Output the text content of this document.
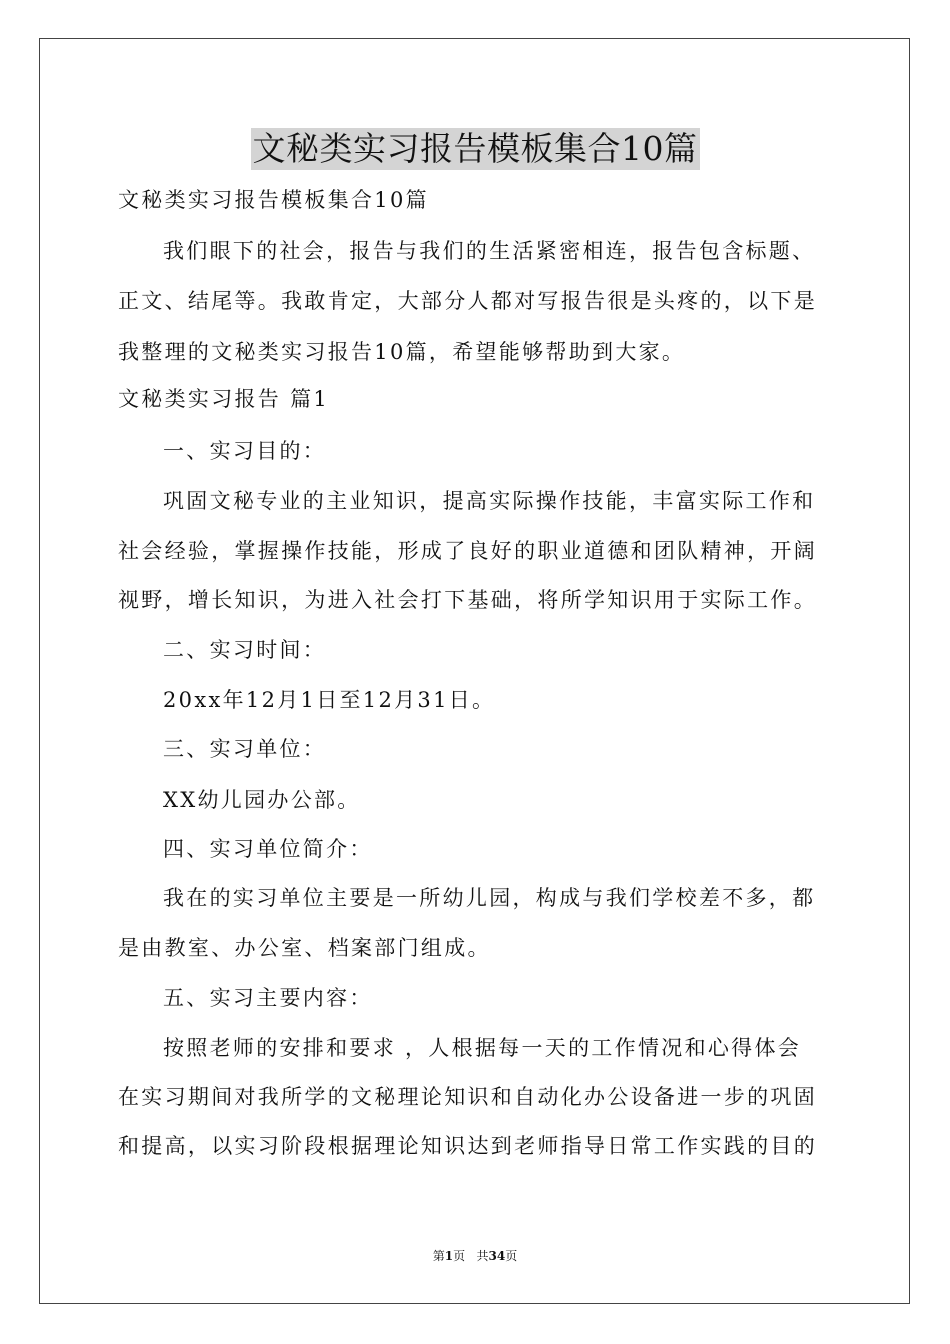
文秘类实习报告模板集合10篇
文秘类实习报告模板集合10篇
我们眼下的社会，报告与我们的生活紧密相连，报告包含标题、
正文、结尾等。我敢肯定，大部分人都对写报告很是头疼的，以下是
我整理的文秘类实习报告10篇，希望能够帮助到大家。
文秘类实习报告 篇1
一、实习目的：
巩固文秘专业的主业知识，提高实际操作技能，丰富实际工作和
社会经验，掌握操作技能，形成了良好的职业道德和团队精神，开阔
视野，增长知识，为进入社会打下基础，将所学知识用于实际工作。
二、实习时间：
20xx年12月1日至12月31日。
三、实习单位：
XX幼儿园办公部。
四、实习单位简介：
我在的实习单位主要是一所幼儿园，构成与我们学校差不多，都
是由教室、办公室、档案部门组成。
五、实习主要内容：
按照老师的安排和要求 ，人根据每一天的工作情况和心得体会
在实习期间对我所学的文秘理论知识和自动化办公设备进一步的巩固
和提高，以实习阶段根据理论知识达到老师指导日常工作实践的目的
第1页   共34页
